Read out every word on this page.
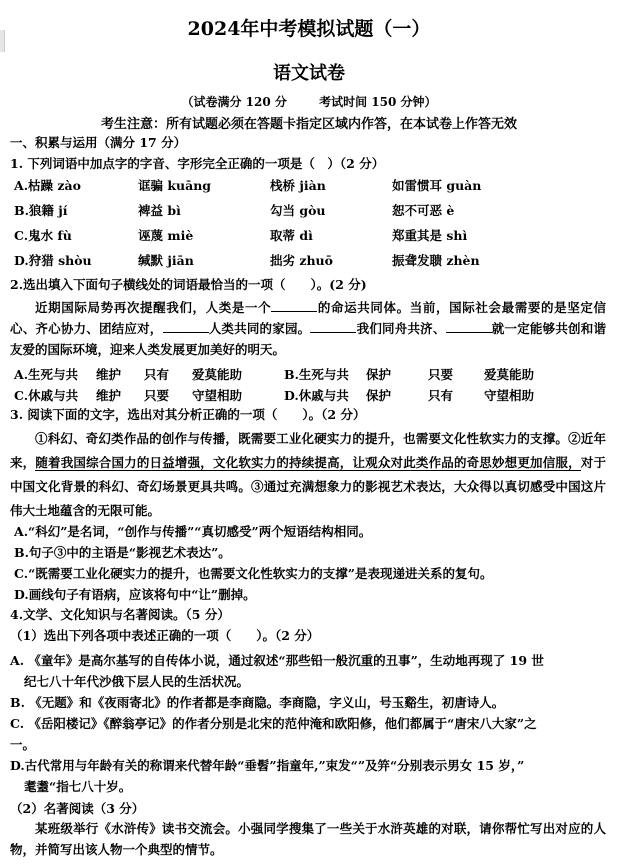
2024年中考模拟试题（一）
语文试卷
（试卷满分 120 分	考试时间 150 分钟）
考生注意：所有试题必须在答题卡指定区域内作答，在本试卷上作答无效
一、积累与运用（满分 17 分）
1. 下列词语中加点字的字音、字形完全正确的一项是（　）（2 分）
A.枯躁 zào	诓骗 kuāng	栈桥 jiàn	如雷惯耳 guàn
B.狼籍 jí	裨益 bì	勾当 gòu	恕不可恶 è
C.鬼水 fù	诬蔑 miè	取蒂 dì	郑重其是 shì
D.狩猎 shòu	缄默 jiān	拙劣 zhuō	振聋发聩 zhèn
2.选出填入下面句子横线处的词语最恰当的一项（　　）。(2 分)
近期国际局势再次提醒我们，人类是一个	的命运共同体。当前，国际社会最需要的是坚定信心、齐心协力、团结应对，	人类共同的家园。	我们同舟共济、	就一定能够共创和谐友爱的国际环境，迎来人类发展更加美好的明天。
A.生死与共 维护 只有 爱莫能助	B.生死与共 保护	只要 爱莫能助
C.休戚与共 维护 只要 守望相助	D.休戚与共 保护	只有 守望相助
3. 阅读下面的文字，选出对其分析正确的一项（　　）。（2 分）
①科幻、奇幻类作品的创作与传播，既需要工业化硬实力的提升，也需要文化性软实力的支撑。②近年来，随着我国综合国力的日益增强，文化软实力的持续提高，让观众对此类作品的奇思妙想更加信服，对于中国文化背景的科幻、奇幻场景更具共鸣。③通过充满想象力的影视艺术表达，大众得以真切感受中国这片伟大土地蕴含的无限可能。
A.“科幻”是名词，“创作与传播”“真切感受”两个短语结构相同。
B.句子③中的主语是“影视艺术表达”。
C.“既需要工业化硬实力的提升，也需要文化性软实力的支撑”是表现递进关系的复句。
D.画线句子有语病，应该将句中“让”删掉。
4.文学、文化知识与名著阅读。（5 分）
（1）选出下列各项中表述正确的一项（　　）。（2 分）
A. 《童年》是高尔基写的自传体小说，通过叙述“那些铅一般沉重的丑事”，生动地再现了 19 世
纪七八十年代沙俄下层人民的生活状况。
B. 《无题》和《夜雨寄北》的作者都是李商隐。李商隐，字义山，号玉谿生，初唐诗人。
C. 《岳阳楼记》《醉翁亭记》的作者分别是北宋的范仲淹和欧阳修，他们都属于“唐宋八大家”之
一。
D.古代常用与年龄有关的称谓来代替年龄“垂髫”指童年,”束发“”及笄“分别表示男女 15 岁，”
耄耋“指七八十岁。
（2）名著阅读（3 分）
某班级举行《水浒传》读书交流会。小强同学搜集了一些关于水浒英雄的对联，请你帮忙写出对应的人物，并简写出该人物一个典型的情节。
